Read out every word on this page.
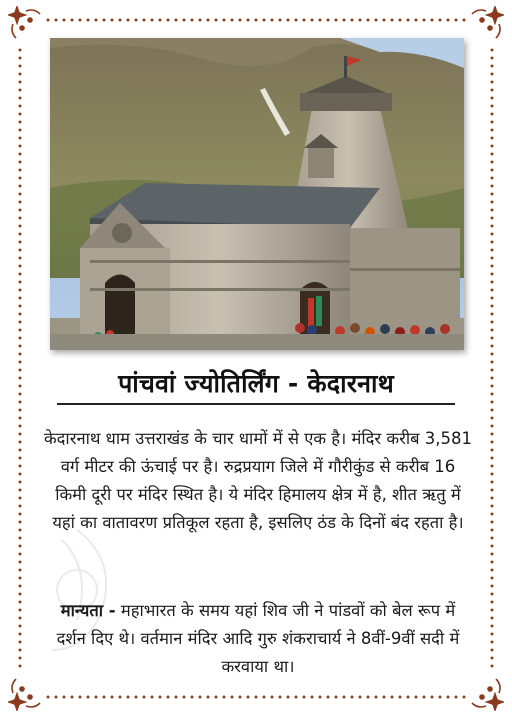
पांचवां ज्योतिर्लिंग - केदारनाथ
केदारनाथ धाम उत्तराखंड के चार धामों में से एक है। मंदिर करीब 3,581 वर्ग मीटर की ऊंचाई पर है। रुद्रप्रयाग जिले में गौरीकुंड से करीब 16 किमी दूरी पर मंदिर स्थित है। ये मंदिर हिमालय क्षेत्र में है, शीत ऋतु में यहां का वातावरण प्रतिकूल रहता है, इसलिए ठंड के दिनों बंद रहता है।
मान्यता - महाभारत के समय यहां शिव जी ने पांडवों को बेल रूप में दर्शन दिए थे। वर्तमान मंदिर आदि गुरु शंकराचार्य ने 8वीं-9वीं सदी में करवाया था।
